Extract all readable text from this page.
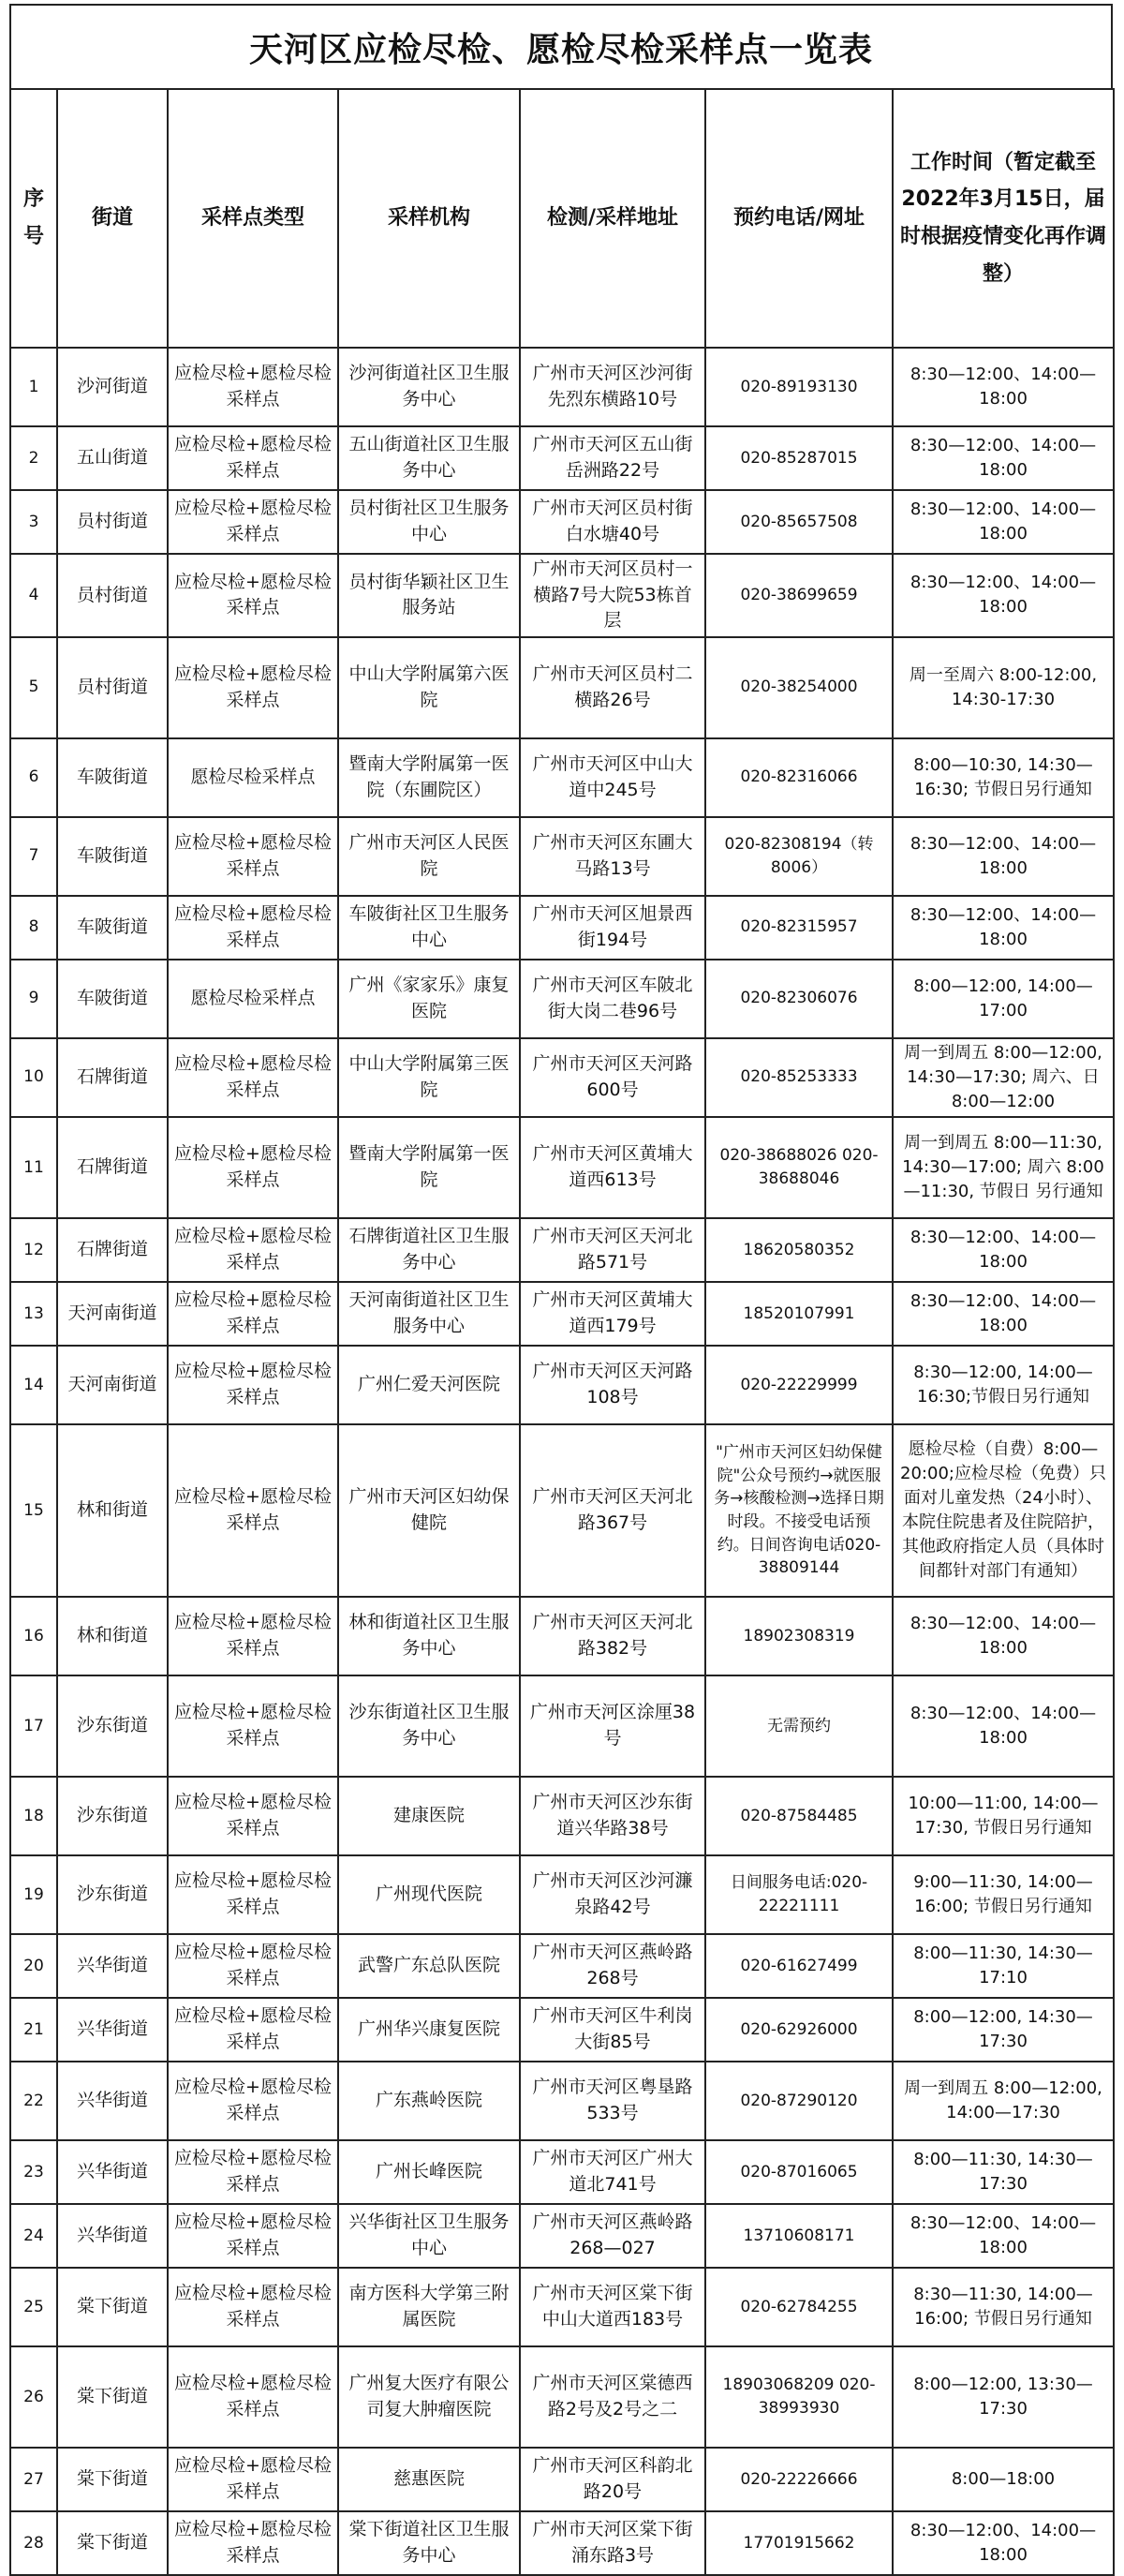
天河区应检尽检、愿检尽检采样点一览表
序号	街道	采样点类型	采样机构	检测/采样地址	预约电话/网址	工作时间（暂定截至2022年3月15日，届时根据疫情变化再作调整）
1	沙河街道	应检尽检+愿检尽检采样点	沙河街道社区卫生服务中心	广州市天河区沙河街先烈东横路10号	020-89193130	8:30—12:00、14:00—18:00
2	五山街道	应检尽检+愿检尽检采样点	五山街道社区卫生服务中心	广州市天河区五山街岳洲路22号	020-85287015	8:30—12:00、14:00—18:00
3	员村街道	应检尽检+愿检尽检采样点	员村街社区卫生服务中心	广州市天河区员村街白水塘40号	020-85657508	8:30—12:00、14:00—18:00
4	员村街道	应检尽检+愿检尽检采样点	员村街华颖社区卫生服务站	广州市天河区员村一横路7号大院53栋首层	020-38699659	8:30—12:00、14:00—18:00
5	员村街道	应检尽检+愿检尽检采样点	中山大学附属第六医院	广州市天河区员村二横路26号	020-38254000	周一至周六 8:00-12:00, 14:30-17:30
6	车陂街道	愿检尽检采样点	暨南大学附属第一医院（东圃院区）	广州市天河区中山大道中245号	020-82316066	8:00—10:30, 14:30—16:30; 节假日另行通知
7	车陂街道	应检尽检+愿检尽检采样点	广州市天河区人民医院	广州市天河区东圃大马路13号	020-82308194（转8006）	8:30—12:00、14:00—18:00
8	车陂街道	应检尽检+愿检尽检采样点	车陂街社区卫生服务中心	广州市天河区旭景西街194号	020-82315957	8:30—12:00、14:00—18:00
9	车陂街道	愿检尽检采样点	广州《家家乐》康复医院	广州市天河区车陂北街大岗二巷96号	020-82306076	8:00—12:00, 14:00—17:00
10	石牌街道	应检尽检+愿检尽检采样点	中山大学附属第三医院	广州市天河区天河路600号	020-85253333	周一到周五 8:00—12:00, 14:30—17:30; 周六、日 8:00—12:00
11	石牌街道	应检尽检+愿检尽检采样点	暨南大学附属第一医院	广州市天河区黄埔大道西613号	020-38688026 020-38688046	周一到周五 8:00—11:30, 14:30—17:00; 周六 8:00—11:30, 节假日 另行通知
12	石牌街道	应检尽检+愿检尽检采样点	石牌街道社区卫生服务中心	广州市天河区天河北路571号	18620580352	8:30—12:00、14:00—18:00
13	天河南街道	应检尽检+愿检尽检采样点	天河南街道社区卫生服务中心	广州市天河区黄埔大道西179号	18520107991	8:30—12:00、14:00—18:00
14	天河南街道	应检尽检+愿检尽检采样点	广州仁爱天河医院	广州市天河区天河路108号	020-22229999	8:30—12:00, 14:00—16:30;节假日另行通知
15	林和街道	应检尽检+愿检尽检采样点	广州市天河区妇幼保健院	广州市天河区天河北路367号	"广州市天河区妇幼保健院"公众号预约→就医服务→核酸检测→选择日期时段。不接受电话预约。日间咨询电话020-38809144	愿检尽检（自费）8:00—20:00;应检尽检（免费）只面对儿童发热（24小时）、本院住院患者及住院陪护，其他政府指定人员（具体时间都针对部门有通知）
16	林和街道	应检尽检+愿检尽检采样点	林和街道社区卫生服务中心	广州市天河区天河北路382号	18902308319	8:30—12:00、14:00—18:00
17	沙东街道	应检尽检+愿检尽检采样点	沙东街道社区卫生服务中心	广州市天河区涂厘38号	无需预约	8:30—12:00、14:00—18:00
18	沙东街道	应检尽检+愿检尽检采样点	建康医院	广州市天河区沙东街道兴华路38号	020-87584485	10:00—11:00, 14:00—17:30, 节假日另行通知
19	沙东街道	应检尽检+愿检尽检采样点	广州现代医院	广州市天河区沙河濂泉路42号	日间服务电话:020-22221111	9:00—11:30, 14:00—16:00; 节假日另行通知
20	兴华街道	应检尽检+愿检尽检采样点	武警广东总队医院	广州市天河区燕岭路268号	020-61627499	8:00—11:30, 14:30—17:10
21	兴华街道	应检尽检+愿检尽检采样点	广州华兴康复医院	广州市天河区牛利岗大街85号	020-62926000	8:00—12:00, 14:30—17:30
22	兴华街道	应检尽检+愿检尽检采样点	广东燕岭医院	广州市天河区粤垦路533号	020-87290120	周一到周五 8:00—12:00, 14:00—17:30
23	兴华街道	应检尽检+愿检尽检采样点	广州长峰医院	广州市天河区广州大道北741号	020-87016065	8:00—11:30, 14:30—17:30
24	兴华街道	应检尽检+愿检尽检采样点	兴华街社区卫生服务中心	广州市天河区燕岭路268—027	13710608171	8:30—12:00、14:00—18:00
25	棠下街道	应检尽检+愿检尽检采样点	南方医科大学第三附属医院	广州市天河区棠下街中山大道西183号	020-62784255	8:30—11:30, 14:00—16:00; 节假日另行通知
26	棠下街道	应检尽检+愿检尽检采样点	广州复大医疗有限公司复大肿瘤医院	广州市天河区棠德西路2号及2号之二	18903068209 020-38993930	8:00—12:00, 13:30—17:30
27	棠下街道	应检尽检+愿检尽检采样点	慈惠医院	广州市天河区科韵北路20号	020-22226666	8:00—18:00
28	棠下街道	应检尽检+愿检尽检采样点	棠下街道社区卫生服务中心	广州市天河区棠下街涌东路3号	17701915662	8:30—12:00、14:00—18:00
